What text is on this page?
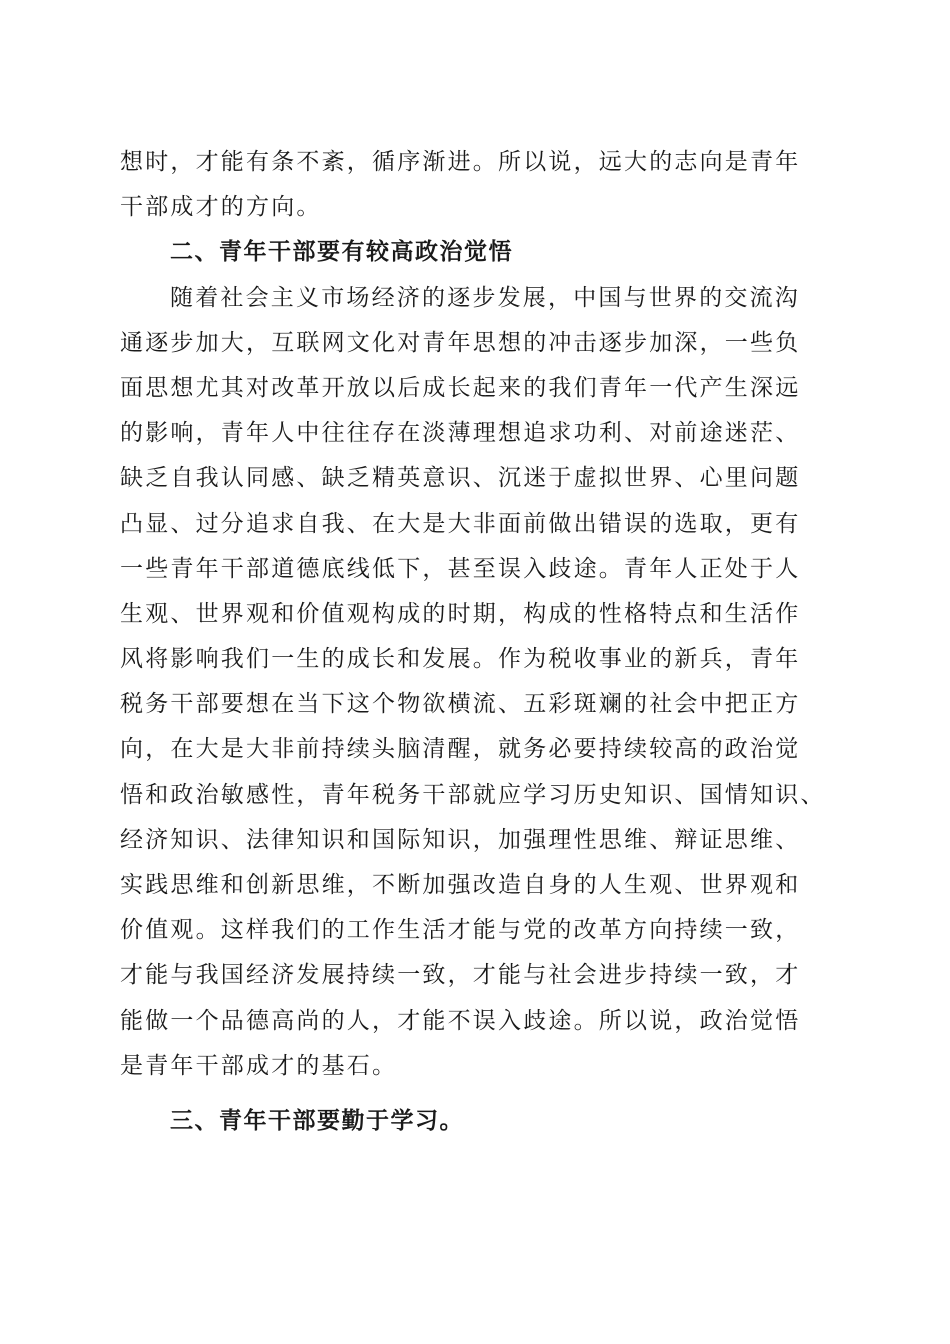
想时，才能有条不紊，循序渐进。所以说，远大的志向是青年
干部成才的方向。
二、青年干部要有较高政治觉悟
随着社会主义市场经济的逐步发展，中国与世界的交流沟
通逐步加大，互联网文化对青年思想的冲击逐步加深，一些负
面思想尤其对改革开放以后成长起来的我们青年一代产生深远
的影响，青年人中往往存在淡薄理想追求功利、对前途迷茫、
缺乏自我认同感、缺乏精英意识、沉迷于虚拟世界、心里问题
凸显、过分追求自我、在大是大非面前做出错误的选取，更有
一些青年干部道德底线低下，甚至误入歧途。青年人正处于人
生观、世界观和价值观构成的时期，构成的性格特点和生活作
风将影响我们一生的成长和发展。作为税收事业的新兵，青年
税务干部要想在当下这个物欲横流、五彩斑斓的社会中把正方
向，在大是大非前持续头脑清醒，就务必要持续较高的政治觉
悟和政治敏感性，青年税务干部就应学习历史知识、国情知识、
经济知识、法律知识和国际知识，加强理性思维、辩证思维、
实践思维和创新思维，不断加强改造自身的人生观、世界观和
价值观。这样我们的工作生活才能与党的改革方向持续一致，
才能与我国经济发展持续一致，才能与社会进步持续一致，才
能做一个品德高尚的人，才能不误入歧途。所以说，政治觉悟
是青年干部成才的基石。
三、青年干部要勤于学习。
